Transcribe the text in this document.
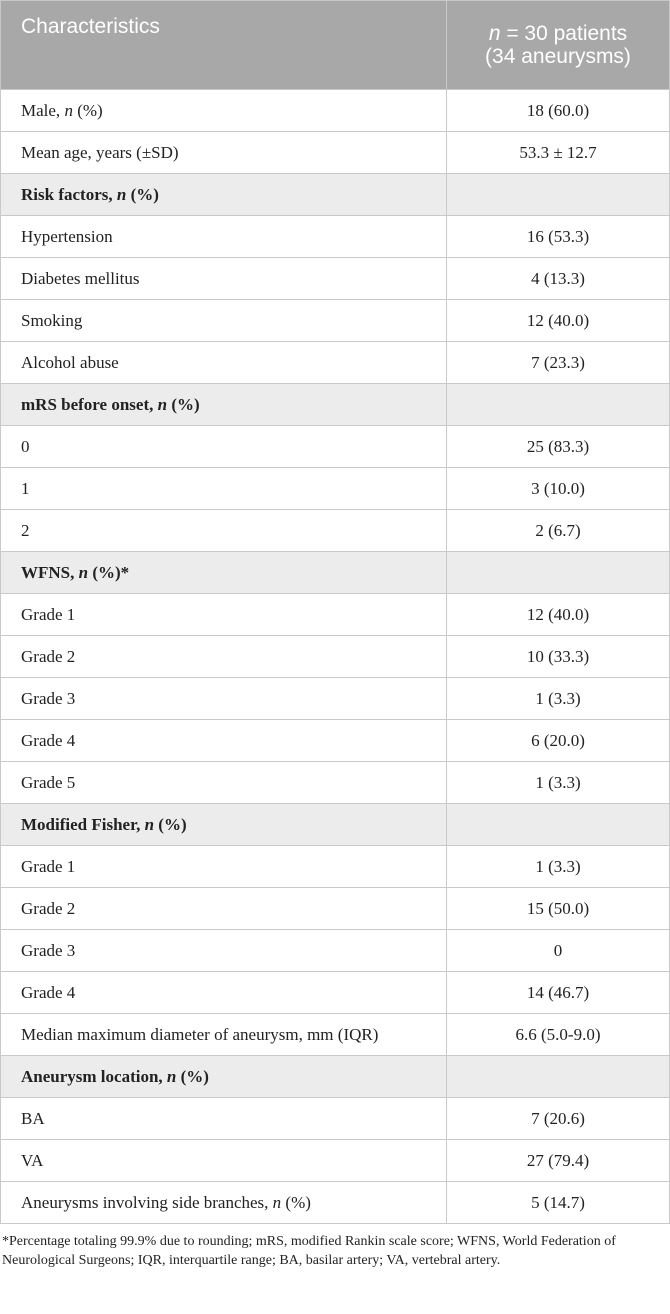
Characteristics	n = 30 patients
(34 aneurysms)

Male, n (%)	18 (60.0)
Mean age, years (±SD)	53.3 ± 12.7
Risk factors, n (%)	
Hypertension	16 (53.3)
Diabetes mellitus	4 (13.3)
Smoking	12 (40.0)
Alcohol abuse	7 (23.3)
mRS before onset, n (%)	
0	25 (83.3)
1	3 (10.0)
2	2 (6.7)
WFNS, n (%)*	
Grade 1	12 (40.0)
Grade 2	10 (33.3)
Grade 3	1 (3.3)
Grade 4	6 (20.0)
Grade 5	1 (3.3)
Modified Fisher, n (%)	
Grade 1	1 (3.3)
Grade 2	15 (50.0)
Grade 3	0
Grade 4	14 (46.7)
Median maximum diameter of aneurysm, mm (IQR)	6.6 (5.0-9.0)
Aneurysm location, n (%)	
BA	7 (20.6)
VA	27 (79.4)
Aneurysms involving side branches, n (%)	5 (14.7)
*Percentage totaling 99.9% due to rounding; mRS, modified Rankin scale score; WFNS, World Federation of Neurological Surgeons; IQR, interquartile range; BA, basilar artery; VA, vertebral artery.
